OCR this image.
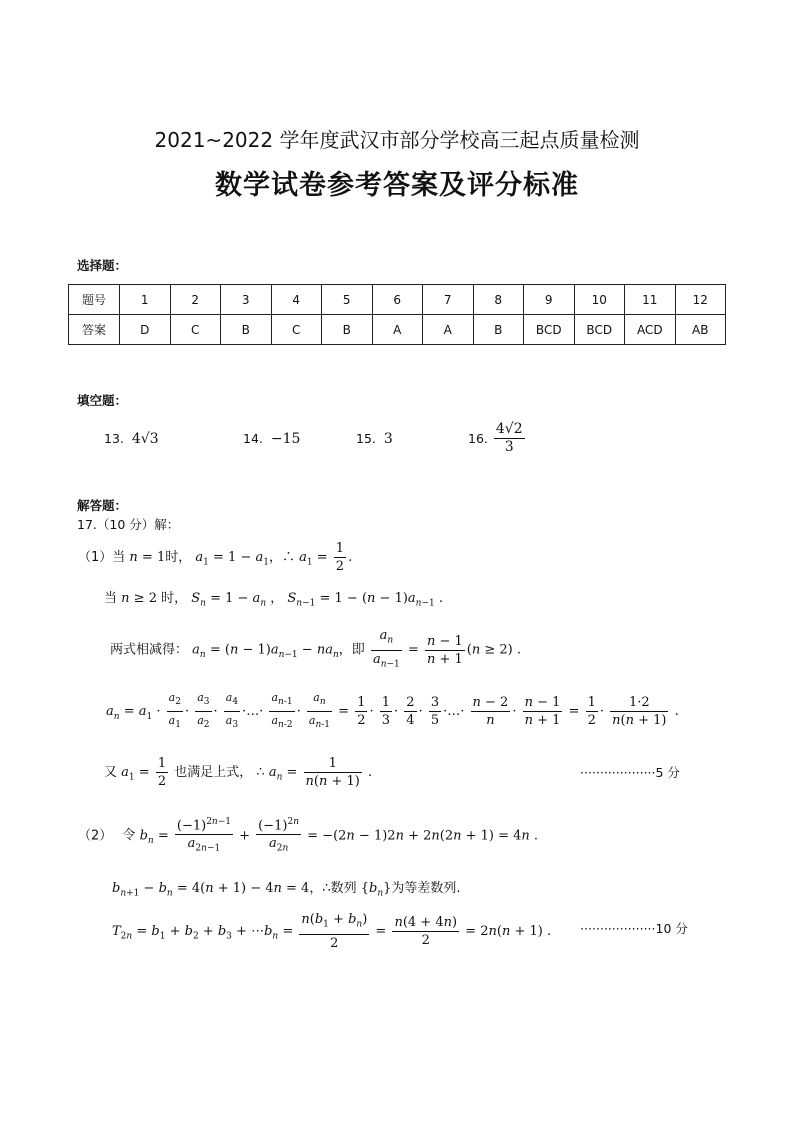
2021~2022 学年度武汉市部分学校高三起点质量检测
数学试卷参考答案及评分标准
选择题：
题号	1	2	3	4	5	6	7	8	9	10	11	12
答案	D	C	B	C	B	A	A	B	BCD	BCD	ACD	AB
填空题：
13. 4√3	14. −15	15. 3	16. $\frac{4√2}{3}$
解答题：
17.（10 分）解：
（1）当 n = 1时， $a_1 = 1 - a_1$，∴ $a_1 = \frac{1}{2}$ .
当 n ≥ 2 时， $S_n = 1 - a_n$ ， $S_{n-1} = 1 - (n - 1)a_{n-1}$ .
两式相减得： $a_n = (n - 1)a_{n-1} - na_n$，即 $\frac{a_n}{a_{n-1}} = \frac{n - 1}{n + 1} (n \ge 2)$ .
$a_n = a_1 \cdot \frac{a_2}{a_1} \cdot \frac{a_3}{a_2} \cdot \frac{a_4}{a_3}$ ·…· $\frac{a_{n-1}}{a_{n-2}} \cdot \frac{a_n}{a_{n-1}} = \frac{1}{2} \cdot \frac{1}{3} \cdot \frac{2}{4} \cdot \frac{3}{5}$ ·…· $\frac{n - 2}{n} \cdot \frac{n - 1}{n + 1} = \frac{1}{2} \cdot \frac{1\cdot 2}{n(n + 1)}$ .
又 $a_1 = \frac{1}{2}$ 也满足上式， ∴ $a_n = \frac{1}{n(n + 1)}$ .	···················5 分
（2） 令 $b_n = \frac{(-1)^{2n-1}}{a_{2n-1}} + \frac{(-1)^{2n}}{a_{2n}} = -(2n - 1)2n + 2n(2n + 1) = 4n$ .
$b_{n+1} - b_n = 4(n + 1) - 4n = 4$，∴数列 $\{b_n\}$为等差数列.
$T_{2n} = b_1 + b_2 + b_3$ + $\cdots b_n = \frac{n(b_1 + b_n)}{2} = \frac{n(4 + 4n)}{2} = 2n(n + 1)$ . ···················10 分
